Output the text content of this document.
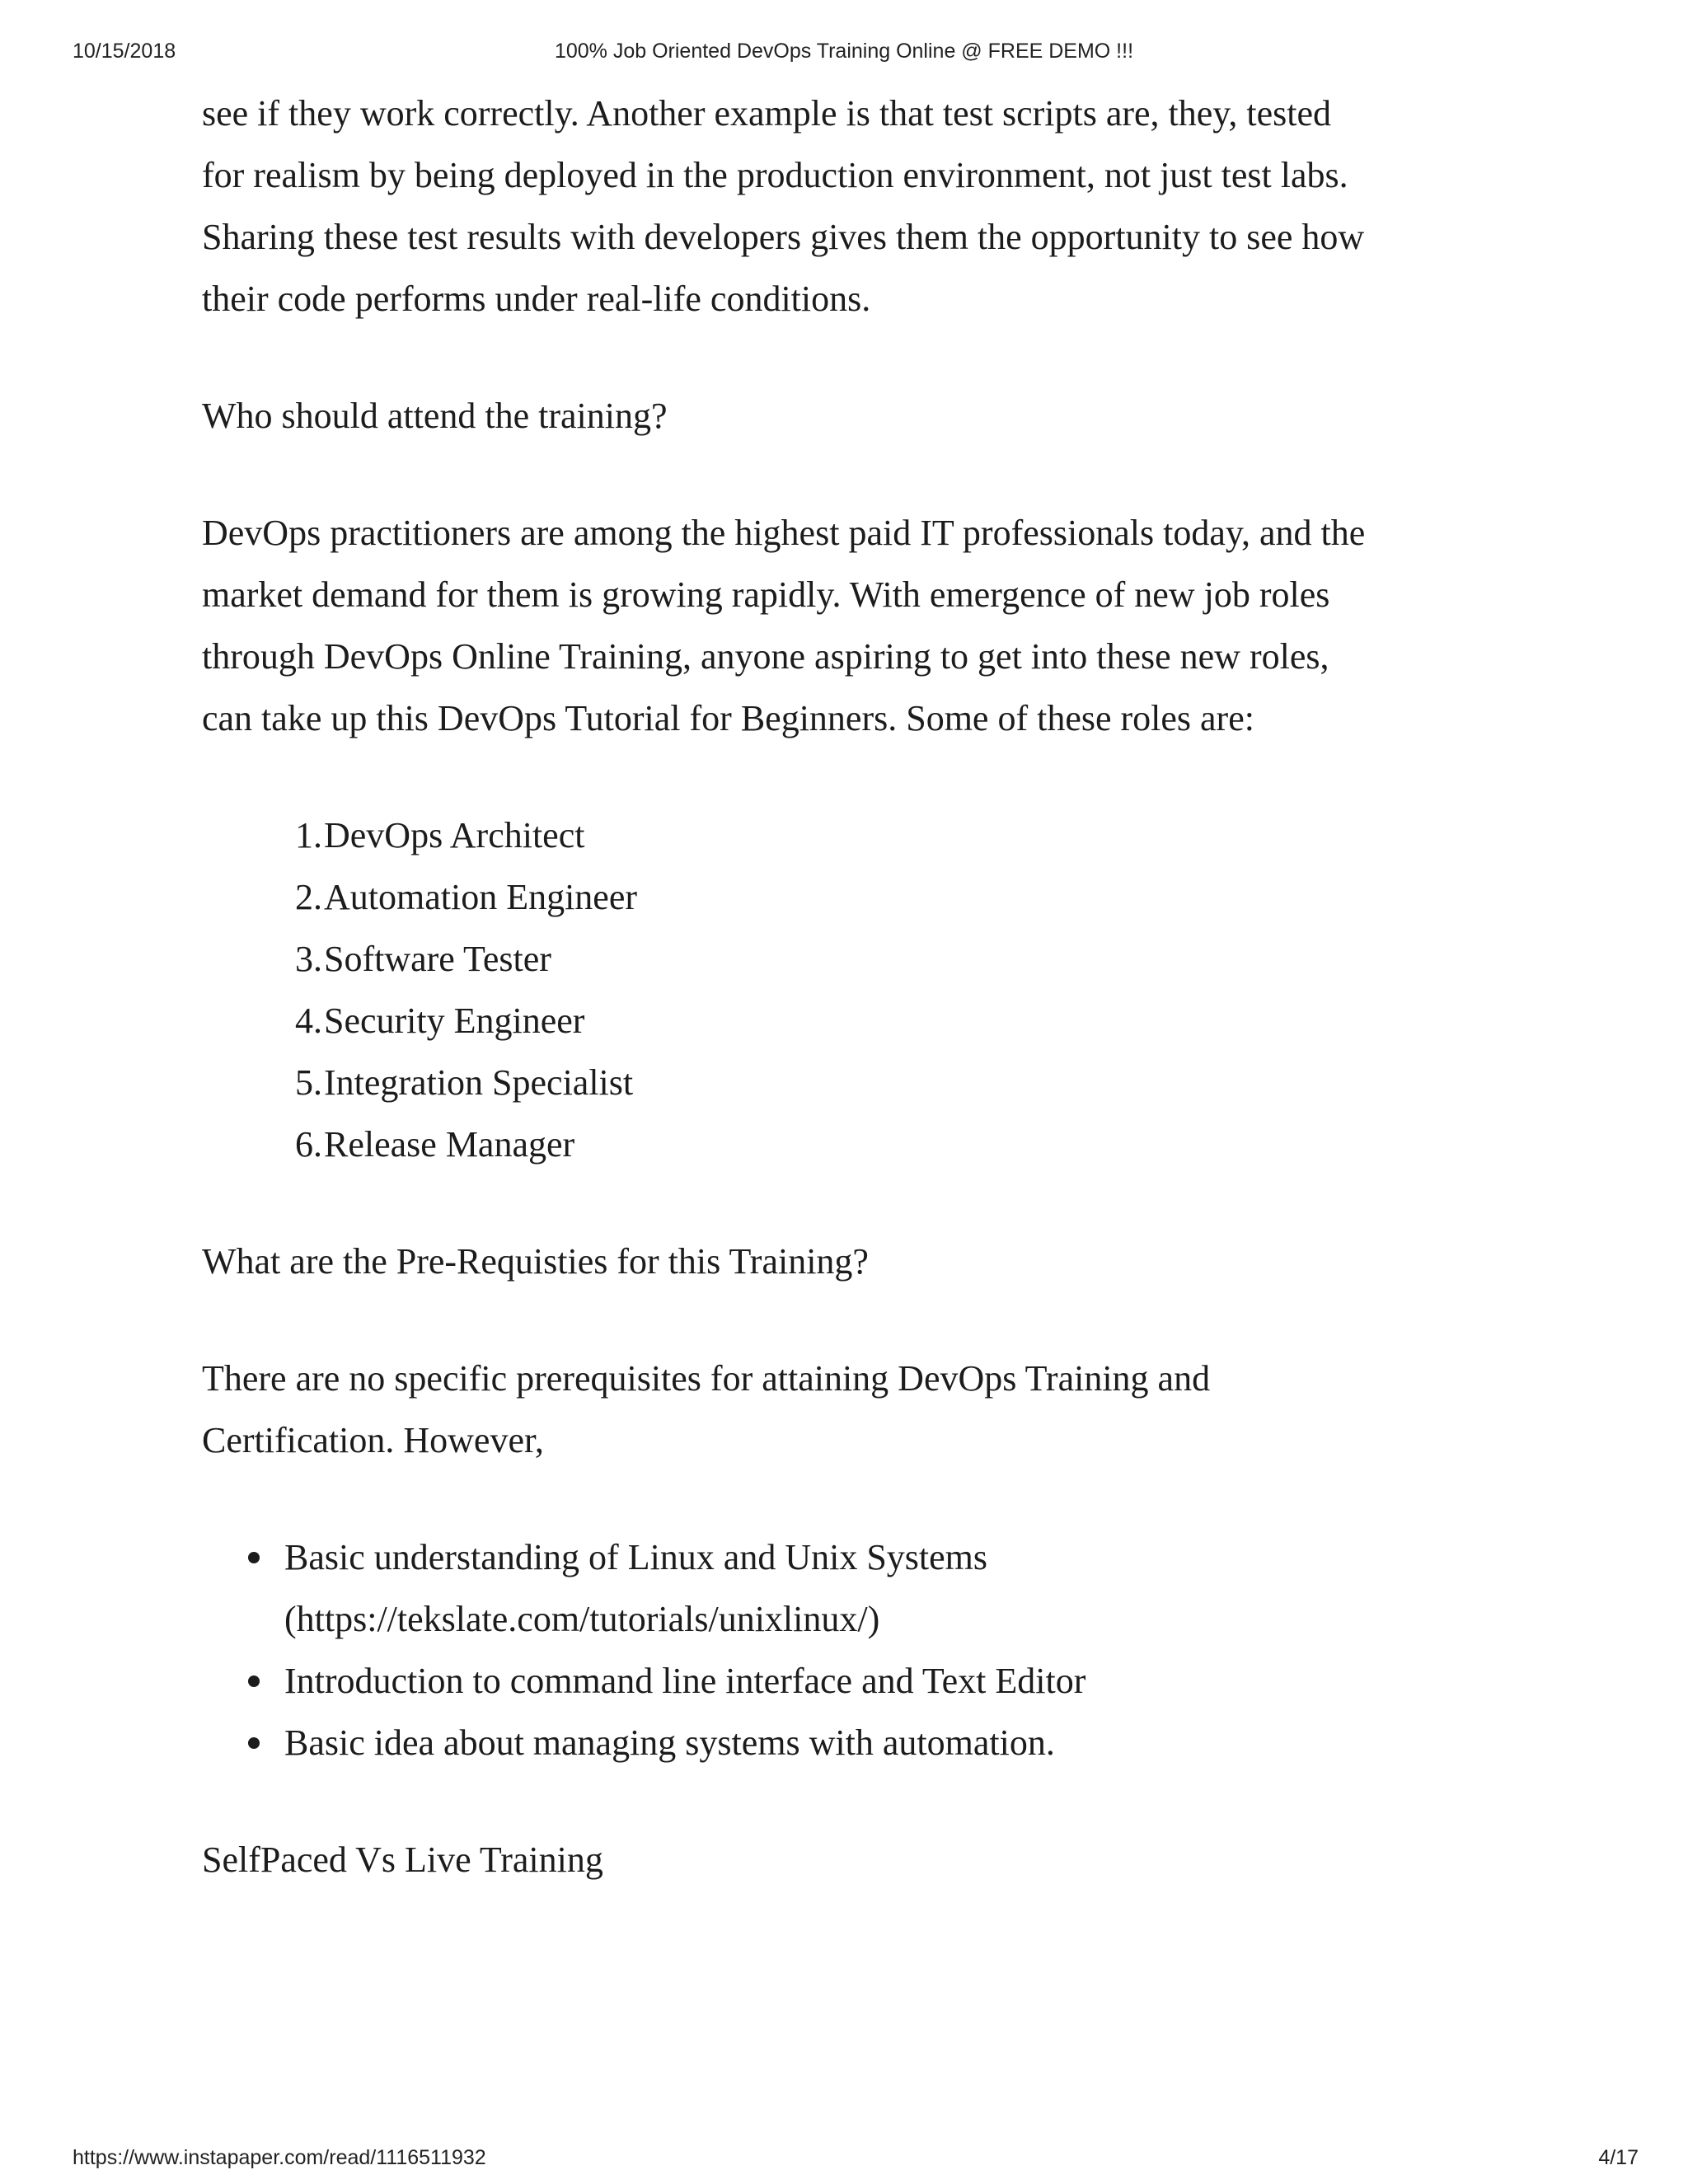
10/15/2018	100% Job Oriented DevOps Training Online @ FREE DEMO !!!

see if they work correctly. Another example is that test scripts are, they, tested
for realism by being deployed in the production environment, not just test labs.
Sharing these test results with developers gives them the opportunity to see how
their code performs under real-life conditions.

Who should attend the training?

DevOps practitioners are among the highest paid IT professionals today, and the
market demand for them is growing rapidly. With emergence of new job roles
through DevOps Online Training, anyone aspiring to get into these new roles,
can take up this DevOps Tutorial for Beginners. Some of these roles are:

1. DevOps Architect
2. Automation Engineer
3. Software Tester
4. Security Engineer
5. Integration Specialist
6. Release Manager

What are the Pre-Requisties for this Training?

There are no specific prerequisites for attaining DevOps Training and
Certification. However,

Basic understanding of Linux and Unix Systems
(https://tekslate.com/tutorials/unixlinux/)
Introduction to command line interface and Text Editor
Basic idea about managing systems with automation.

SelfPaced Vs Live Training

https://www.instapaper.com/read/1116511932	4/17
